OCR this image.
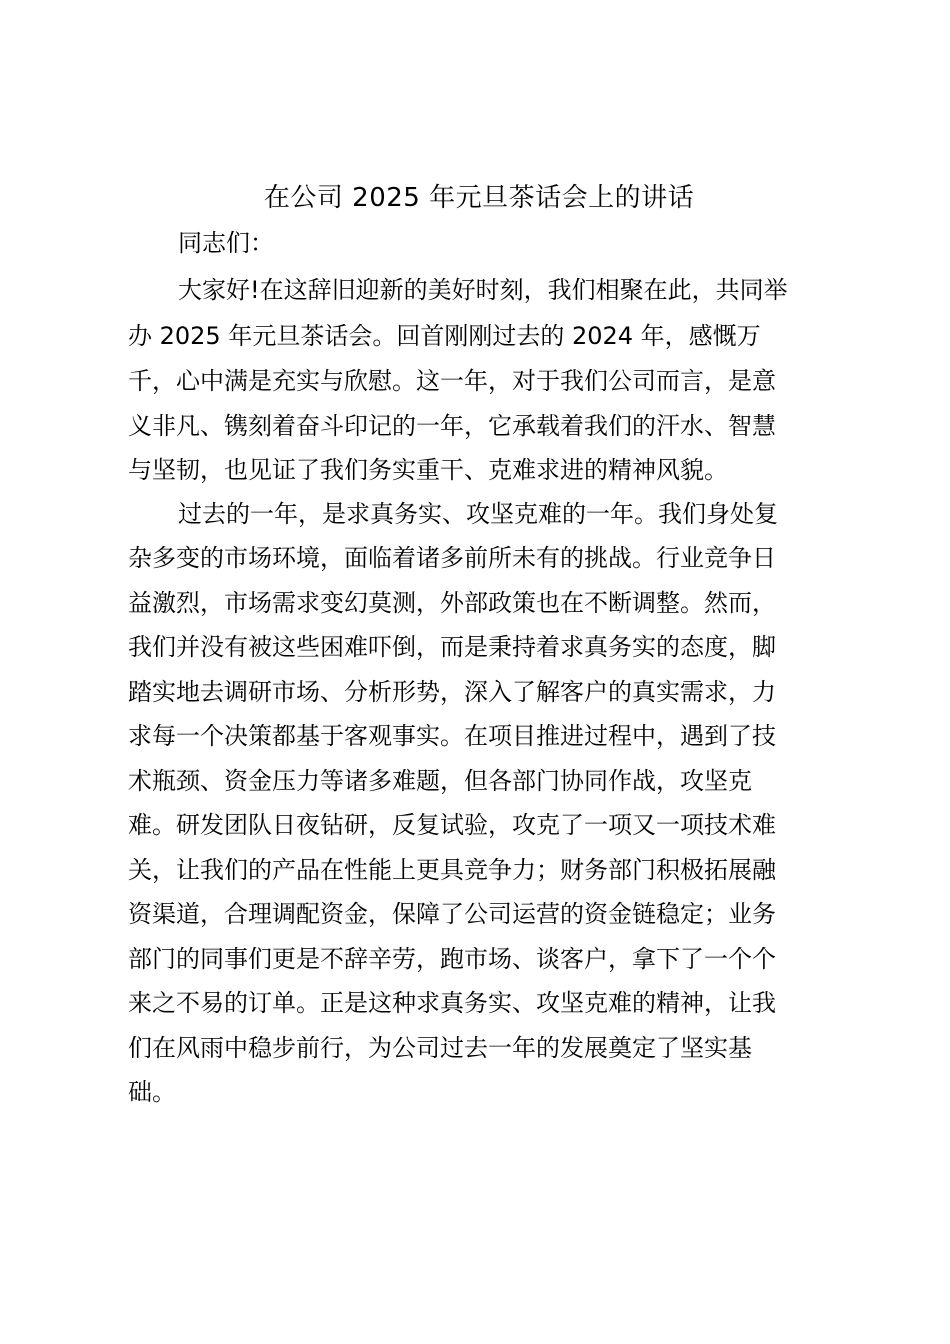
在公司 2025 年元旦茶话会上的讲话
同志们：
大家好!在这辞旧迎新的美好时刻，我们相聚在此，共同举
办 2025 年元旦茶话会。回首刚刚过去的 2024 年，感慨万
千，心中满是充实与欣慰。这一年，对于我们公司而言，是意
义非凡、镌刻着奋斗印记的一年，它承载着我们的汗水、智慧
与坚韧，也见证了我们务实重干、克难求进的精神风貌。
过去的一年，是求真务实、攻坚克难的一年。我们身处复
杂多变的市场环境，面临着诸多前所未有的挑战。行业竞争日
益激烈，市场需求变幻莫测，外部政策也在不断调整。然而，
我们并没有被这些困难吓倒，而是秉持着求真务实的态度，脚
踏实地去调研市场、分析形势，深入了解客户的真实需求，力
求每一个决策都基于客观事实。在项目推进过程中，遇到了技
术瓶颈、资金压力等诸多难题，但各部门协同作战，攻坚克
难。研发团队日夜钻研，反复试验，攻克了一项又一项技术难
关，让我们的产品在性能上更具竞争力；财务部门积极拓展融
资渠道，合理调配资金，保障了公司运营的资金链稳定；业务
部门的同事们更是不辞辛劳，跑市场、谈客户，拿下了一个个
来之不易的订单。正是这种求真务实、攻坚克难的精神，让我
们在风雨中稳步前行，为公司过去一年的发展奠定了坚实基
础。
